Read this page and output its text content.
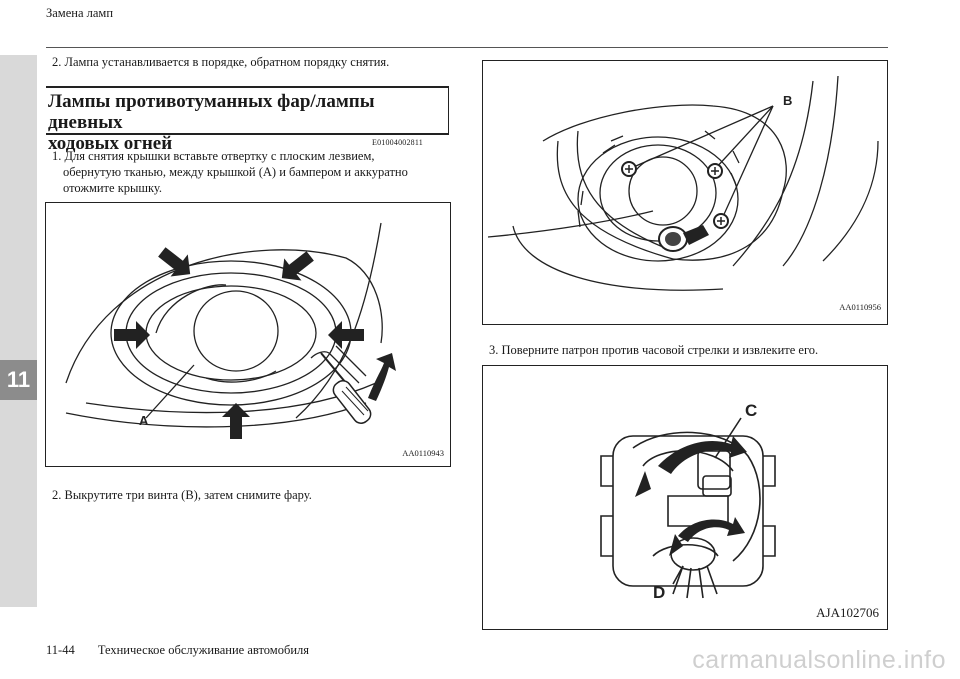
11
Замена ламп
2. Лампа устанавливается в порядке, обратном порядку снятия.
Лампы противотуманных фар/лампы дневных
ходовых огней	E01004002811
1. Для снятия крышки вставьте отвертку с плоским лезвием,
обернутую тканью, между крышкой (A) и бампером и аккуратно
отожмите крышку.
A
AA0110943
2. Выкрутите три винта (B), затем снимите фару.
B
AA0110956
3. Поверните патрон против часовой стрелки и извлеките его.
C
D
AJA102706
11-44 Техническое обслуживание автомобиля	carmanualsonline.info
